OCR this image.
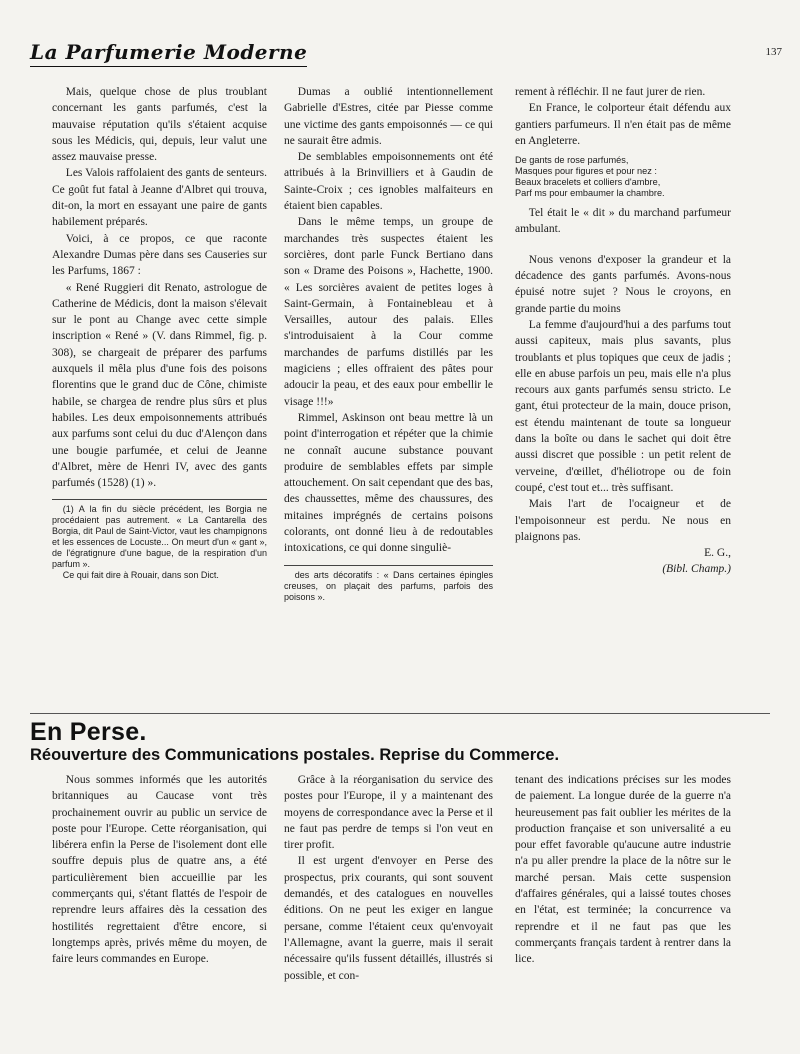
La Parfumerie Moderne	137

Mais, quelque chose de plus troublant concernant les gants parfumés, c'est la mauvaise réputation qu'ils s'étaient acquise sous les Médicis, qui, depuis, leur valut une assez mauvaise presse.

Les Valois raffolaient des gants de senteurs. Ce goût fut fatal à Jeanne d'Albret qui trouva, dit-on, la mort en essayant une paire de gants habilement préparés.

Voici, à ce propos, ce que raconte Alexandre Dumas père dans ses Causeries sur les Parfums, 1867 :

« René Ruggieri dit Renato, astrologue de Catherine de Médicis, dont la maison s'élevait sur le pont au Change avec cette simple inscription « René » (V. dans Rimmel, fig. p. 308), se chargeait de préparer des parfums auxquels il mêla plus d'une fois des poisons florentins que le grand duc de Cône, chimiste habile, se chargea de rendre plus sûrs et plus habiles. Les deux empoisonnements attribués aux parfums sont celui du duc d'Alençon dans une bougie parfumée, et celui de Jeanne d'Albret, mère de Henri IV, avec des gants parfumés (1528) (1) ».

(1) A la fin du siècle précédent, les Borgia ne procédaient pas autrement. « La Cantarella des Borgia, dit Paul de Saint-Victor, vaut les champignons et les essences de Locuste... On meurt d'un « gant », de l'égratignure d'une bague, de la respiration d'un parfum ».

Ce qui fait dire à Rouair, dans son Dict.

Dumas a oublié intentionnellement Gabrielle d'Estres, citée par Piesse comme une victime des gants empoisonnés — ce qui ne saurait être admis.

De semblables empoisonnements ont été attribués à la Brinvilliers et à Gaudin de Sainte-Croix ; ces ignobles malfaiteurs en étaient bien capables.

Dans le même temps, un groupe de marchandes très suspectes étaient les sorcières, dont parle Funck Bertiano dans son « Drame des Poisons », Hachette, 1900. « Les sorcières avaient de petites loges à Saint-Germain, à Fontainebleau et à Versailles, autour des palais. Elles s'introduisaient à la Cour comme marchandes de parfums distillés par les magiciens ; elles offraient des pâtes pour adoucir la peau, et des eaux pour embellir le visage !!!»

Rimmel, Askinson ont beau mettre là un point d'interrogation et répéter que la chimie ne connaît aucune substance pouvant produire de semblables effets par simple attouchement. On sait cependant que des bas, des chaussettes, même des chaussures, des mitaines imprégnés de certains poisons colorants, ont donné lieu à de redoutables intoxications, ce qui donne singuliè-

des arts décoratifs : « Dans certaines épingles creuses, on plaçait des parfums, parfois des poisons ».

rement à réfléchir. Il ne faut jurer de rien.

En France, le colporteur était défendu aux gantiers parfumeurs. Il n'en était pas de même en Angleterre.

De gants de rose parfumés,
Masques pour figures et pour nez :
Beaux bracelets et colliers d'ambre,
Parf ms pour embaumer la chambre.

Tel était le « dit » du marchand parfumeur ambulant.

Nous venons d'exposer la grandeur et la décadence des gants parfumés. Avons-nous épuisé notre sujet ? Nous le croyons, en grande partie du moins

La femme d'aujourd'hui a des parfums tout aussi capiteux, mais plus savants, plus troublants et plus topiques que ceux de jadis ; elle en abuse parfois un peu, mais elle n'a plus recours aux gants parfumés sensu stricto. Le gant, étui protecteur de la main, douce prison, est étendu maintenant de toute sa longueur dans la boîte ou dans le sachet qui doit être aussi discret que possible : un petit relent de verveine, d'œillet, d'héliotrope ou de foin coupé, c'est tout et... très suffisant.

Mais l'art de l'ocaigneur et de l'empoisonneur est perdu. Ne nous en plaignons pas.

E. G.,

(Bibl. Champ.)

En Perse.
Réouverture des Communications postales. Reprise du Commerce.

Nous sommes informés que les autorités britanniques au Caucase vont très prochainement ouvrir au public un service de poste pour l'Europe. Cette réorganisation, qui libérera enfin la Perse de l'isolement dont elle souffre depuis plus de quatre ans, a été particulièrement bien accueillie par les commerçants qui, s'étant flattés de l'espoir de reprendre leurs affaires dès la cessation des hostilités regrettaient d'être encore, si longtemps après, privés même du moyen, de faire leurs commandes en Europe.

Grâce à la réorganisation du service des postes pour l'Europe, il y a maintenant des moyens de correspondance avec la Perse et il ne faut pas perdre de temps si l'on veut en tirer profit.

Il est urgent d'envoyer en Perse des prospectus, prix courants, qui sont souvent demandés, et des catalogues en nouvelles éditions. On ne peut les exiger en langue persane, comme l'étaient ceux qu'envoyait l'Allemagne, avant la guerre, mais il serait nécessaire qu'ils fussent détaillés, illustrés si possible, et con-

tenant des indications précises sur les modes de paiement. La longue durée de la guerre n'a heureusement pas fait oublier les mérites de la production française et son universalité a eu pour effet favorable qu'aucune autre industrie n'a pu aller prendre la place de la nôtre sur le marché persan. Mais cette suspension d'affaires générales, qui a laissé toutes choses en l'état, est terminée; la concurrence va reprendre et il ne faut pas que les commerçants français tardent à rentrer dans la lice.
